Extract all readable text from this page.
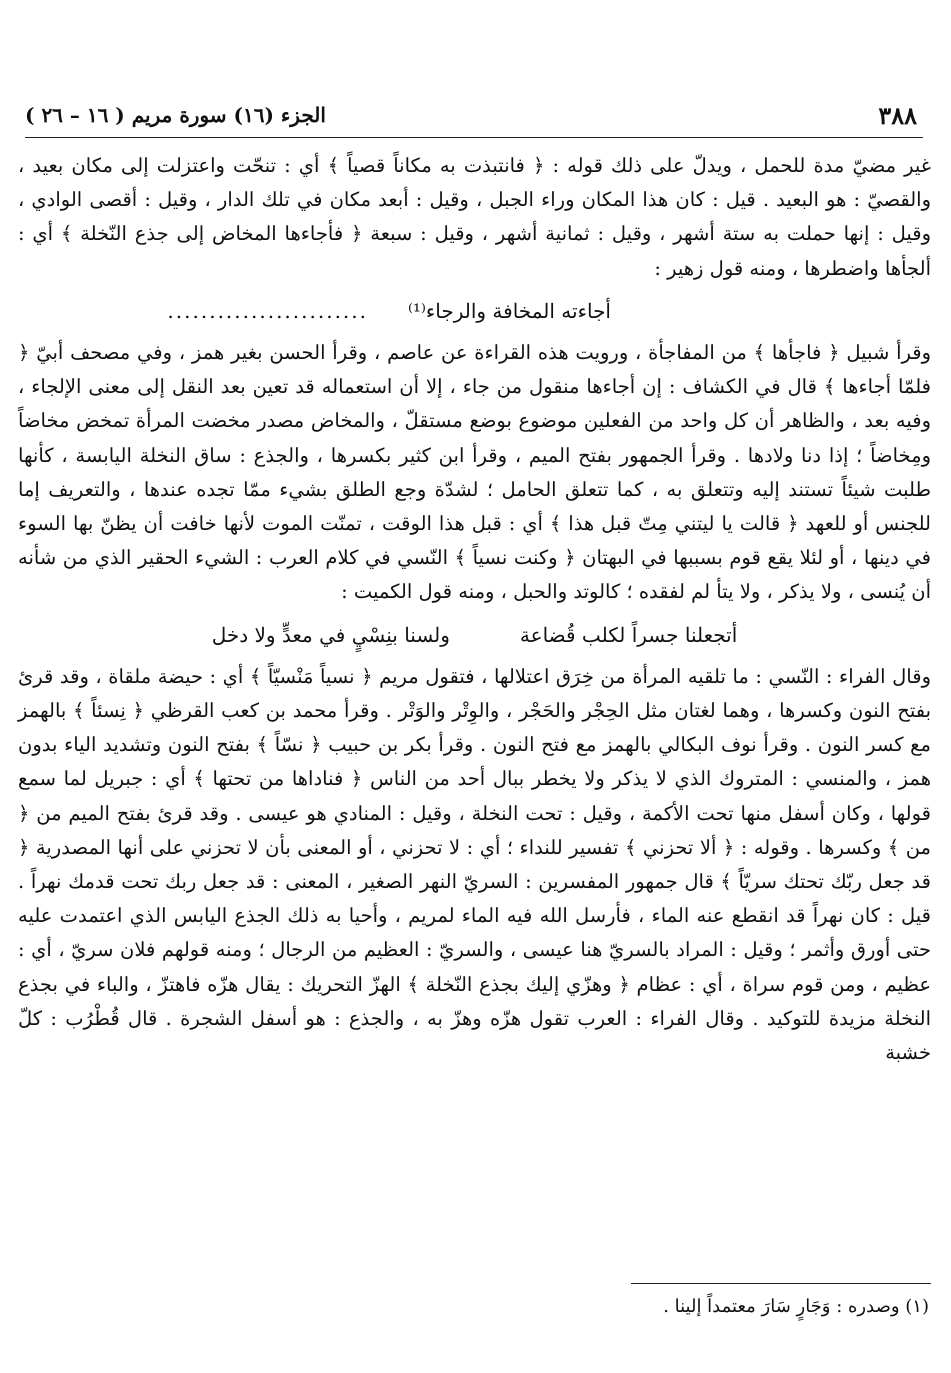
٣٨٨
الجزء (١٦) سورة مريم ( ١٦ – ٢٦ )

غير مضيّ مدة للحمل ، ويدلّ على ذلك قوله : ﴿ فانتبذت به مكاناً قصياً ﴾ أي : تنحّت واعتزلت إلى مكان بعيد ، والقصيّ : هو البعيد . قيل : كان هذا المكان وراء الجبل ، وقيل : أبعد مكان في تلك الدار ، وقيل : أقصى الوادي ، وقيل : إنها حملت به ستة أشهر ، وقيل : ثمانية أشهر ، وقيل : سبعة ﴿ فأجاءها المخاض إلى جذع النّخلة ﴾ أي : ألجأها واضطرها ، ومنه قول زهير :

أجاءته المخافة والرجاء⁽¹⁾
........................

وقرأ شبيل ﴿ فاجأها ﴾ من المفاجأة ، ورويت هذه القراءة عن عاصم ، وقرأ الحسن بغير همز ، وفي مصحف أبيّ ﴿ فلمّا أجاءها ﴾ قال في الكشاف : إن أجاءها منقول من جاء ، إلا أن استعماله قد تعين بعد النقل إلى معنى الإلجاء ، وفيه بعد ، والظاهر أن كل واحد من الفعلين موضوع بوضع مستقلّ ، والمخاض مصدر مخضت المرأة تمخض مخاضاً ومِخاضاً ؛ إذا دنا ولادها . وقرأ الجمهور بفتح الميم ، وقرأ ابن كثير بكسرها ، والجذع : ساق النخلة اليابسة ، كأنها طلبت شيئاً تستند إليه وتتعلق به ، كما تتعلق الحامل ؛ لشدّة وجع الطلق بشيء ممّا تجده عندها ، والتعريف إما للجنس أو للعهد ﴿ قالت يا ليتني مِتّ قبل هذا ﴾ أي : قبل هذا الوقت ، تمنّت الموت لأنها خافت أن يظنّ بها السوء في دينها ، أو لئلا يقع قوم بسببها في البهتان ﴿ وكنت نسياً ﴾ النّسي في كلام العرب : الشيء الحقير الذي من شأنه أن يُنسى ، ولا يذكر ، ولا يتأ لم لفقده ؛ كالوتد والحبل ، ومنه قول الكميت :

أتجعلنا جسراً لكلب قُضاعة
ولسنا بنِسْيٍ في معدٍّ ولا دخل

وقال الفراء : النّسي : ما تلقيه المرأة من خِرَق اعتلالها ، فتقول مريم ﴿ نسياً مَنْسيّاً ﴾ أي : حيضة ملقاة ، وقد قرئ بفتح النون وكسرها ، وهما لغتان مثل الحِجْر والحَجْر ، والوِتْر والوَتْر . وقرأ محمد بن كعب القرظي ﴿ نِسئاً ﴾ بالهمز مع كسر النون . وقرأ نوف البكالي بالهمز مع فتح النون . وقرأ بكر بن حبيب ﴿ نسّاً ﴾ بفتح النون وتشديد الياء بدون همز ، والمنسي : المتروك الذي لا يذكر ولا يخطر ببال أحد من الناس ﴿ فناداها من تحتها ﴾ أي : جبريل لما سمع قولها ، وكان أسفل منها تحت الأكمة ، وقيل : تحت النخلة ، وقيل : المنادي هو عيسى . وقد قرئ بفتح الميم من ﴿ من ﴾ وكسرها . وقوله : ﴿ ألا تحزني ﴾ تفسير للنداء ؛ أي : لا تحزني ، أو المعنى بأن لا تحزني على أنها المصدرية ﴿ قد جعل ربّك تحتك سريّاً ﴾ قال جمهور المفسرين : السريّ النهر الصغير ، المعنى : قد جعل ربك تحت قدمك نهراً . قيل : كان نهراً قد انقطع عنه الماء ، فأرسل الله فيه الماء لمريم ، وأحيا به ذلك الجذع اليابس الذي اعتمدت عليه حتى أورق وأثمر ؛ وقيل : المراد بالسريّ هنا عيسى ، والسريّ : العظيم من الرجال ؛ ومنه قولهم فلان سريّ ، أي : عظيم ، ومن قوم سراة ، أي : عظام ﴿ وهزّي إليك بجذع النّخلة ﴾ الهزّ التحريك : يقال هزّه فاهتزّ ، والباء في بجذع النخلة مزيدة للتوكيد . وقال الفراء : العرب تقول هزّه وهزّ به ، والجذع : هو أسفل الشجرة . قال قُطْرُب : كلّ خشبة

(١) وصدره : وَجَارٍ سَارَ معتمداً إلينا .
